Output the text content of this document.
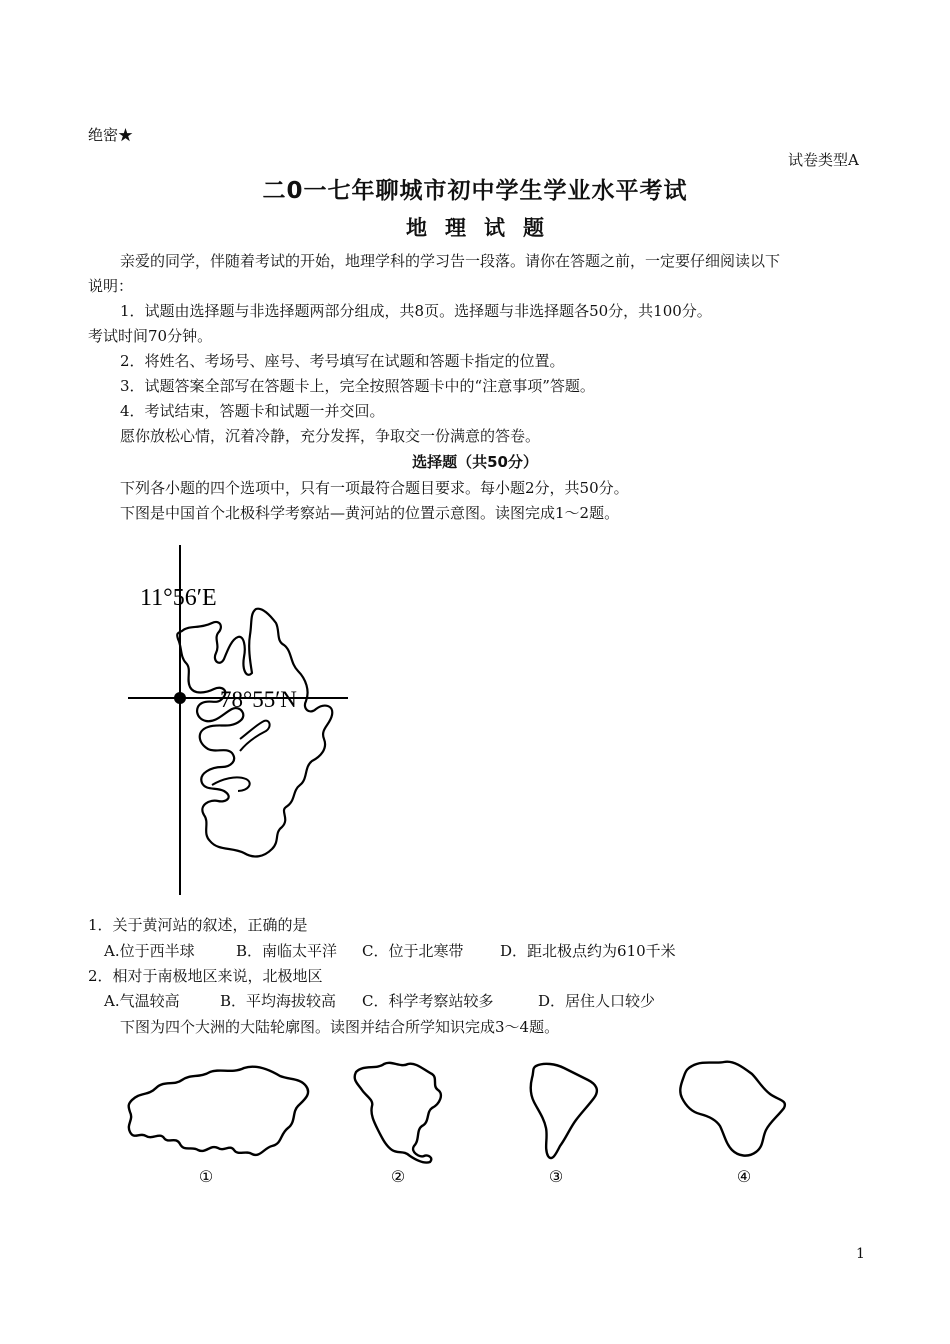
绝密★
试卷类型A
二0一七年聊城市初中学生学业水平考试
地理试题
亲爱的同学，伴随着考试的开始，地理学科的学习告一段落。请你在答题之前，一定要仔细阅读以下
说明：
1．试题由选择题与非选择题两部分组成，共8页。选择题与非选择题各50分，共100分。
考试时间70分钟。
2．将姓名、考场号、座号、考号填写在试题和答题卡指定的位置。
3．试题答案全部写在答题卡上，完全按照答题卡中的“注意事项”答题。
4．考试结束，答题卡和试题一并交回。
愿你放松心情，沉着冷静，充分发挥，争取交一份满意的答卷。
选择题（共50分）
下列各小题的四个选项中，只有一项最符合题目要求。每小题2分，共50分。
下图是中国首个北极科学考察站—黄河站的位置示意图。读图完成1～2题。
11°56′E
78°55′N
1．关于黄河站的叙述，正确的是
A.位于西半球	B．南临太平洋 C．位于北寒带 D．距北极点约为610千米
2．相对于南极地区来说，北极地区
A.气温较高	B．平均海拔较高 C．科学考察站较多	D．居住人口较少
下图为四个大洲的大陆轮廓图。读图并结合所学知识完成3～4题。
①	②	③	④
1
